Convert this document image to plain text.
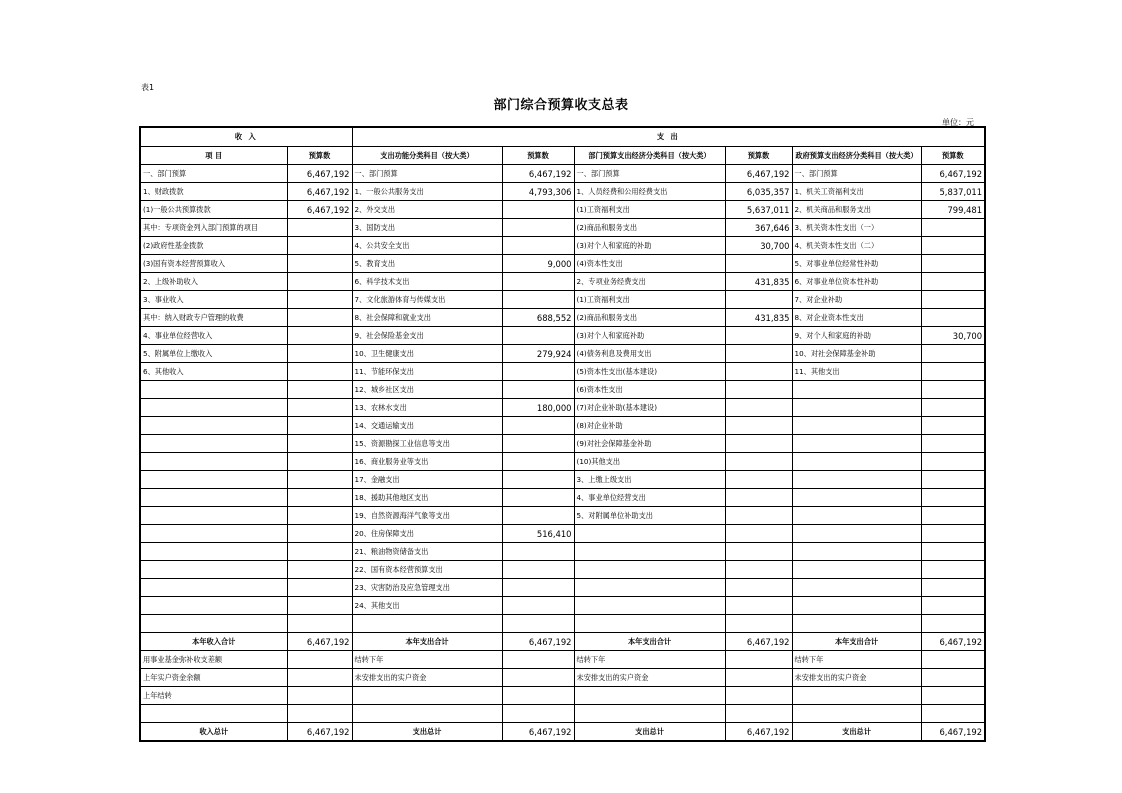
表1
部门综合预算收支总表
单位：元
收 入		支 出					
项 目	预算数	支出功能分类科目（按大类）	预算数	部门预算支出经济分类科目（按大类）	预算数	政府预算支出经济分类科目（按大类）	预算数
一、部门预算	6,467,192	一、部门预算	6,467,192	一、部门预算	6,467,192	一、部门预算	6,467,192
1、财政拨款	6,467,192	1、一般公共服务支出	4,793,306	1、人员经费和公用经费支出	6,035,357	1、机关工资福利支出	5,837,011
(1)一般公共预算拨款	6,467,192	2、外交支出		(1)工资福利支出	5,637,011	2、机关商品和服务支出	799,481
其中：专项资金列入部门预算的项目		3、国防支出		(2)商品和服务支出	367,646	3、机关资本性支出（一）	
(2)政府性基金拨款		4、公共安全支出		(3)对个人和家庭的补助	30,700	4、机关资本性支出（二）	
(3)国有资本经营预算收入		5、教育支出	9,000	(4)资本性支出		5、对事业单位经常性补助	
2、上级补助收入		6、科学技术支出		2、专项业务经费支出	431,835	6、对事业单位资本性补助	
3、事业收入		7、文化旅游体育与传媒支出		(1)工资福利支出		7、对企业补助	
其中：纳入财政专户管理的收费		8、社会保障和就业支出	688,552	(2)商品和服务支出	431,835	8、对企业资本性支出	
4、事业单位经营收入		9、社会保险基金支出		(3)对个人和家庭补助		9、对个人和家庭的补助	30,700
5、附属单位上缴收入		10、卫生健康支出	279,924	(4)债务利息及费用支出		10、对社会保障基金补助	
6、其他收入		11、节能环保支出		(5)资本性支出(基本建设)		11、其他支出	
		12、城乡社区支出		(6)资本性支出			
		13、农林水支出	180,000	(7)对企业补助(基本建设)			
		14、交通运输支出		(8)对企业补助			
		15、资源勘探工业信息等支出		(9)对社会保障基金补助			
		16、商业服务业等支出		(10)其他支出			
		17、金融支出		3、上缴上级支出			
		18、援助其他地区支出		4、事业单位经营支出			
		19、自然资源海洋气象等支出		5、对附属单位补助支出			
		20、住房保障支出	516,410				
		21、粮油物资储备支出					
		22、国有资本经营预算支出					
		23、灾害防治及应急管理支出					
		24、其他支出					

本年收入合计	6,467,192	本年支出合计	6,467,192	本年支出合计	6,467,192	本年支出合计	6,467,192
用事业基金弥补收支差额		结转下年		结转下年		结转下年	
上年实户资金余额		未安排支出的实户资金		未安排支出的实户资金		未安排支出的实户资金	
上年结转							

收入总计	6,467,192	支出总计	6,467,192	支出总计	6,467,192	支出总计	6,467,192
